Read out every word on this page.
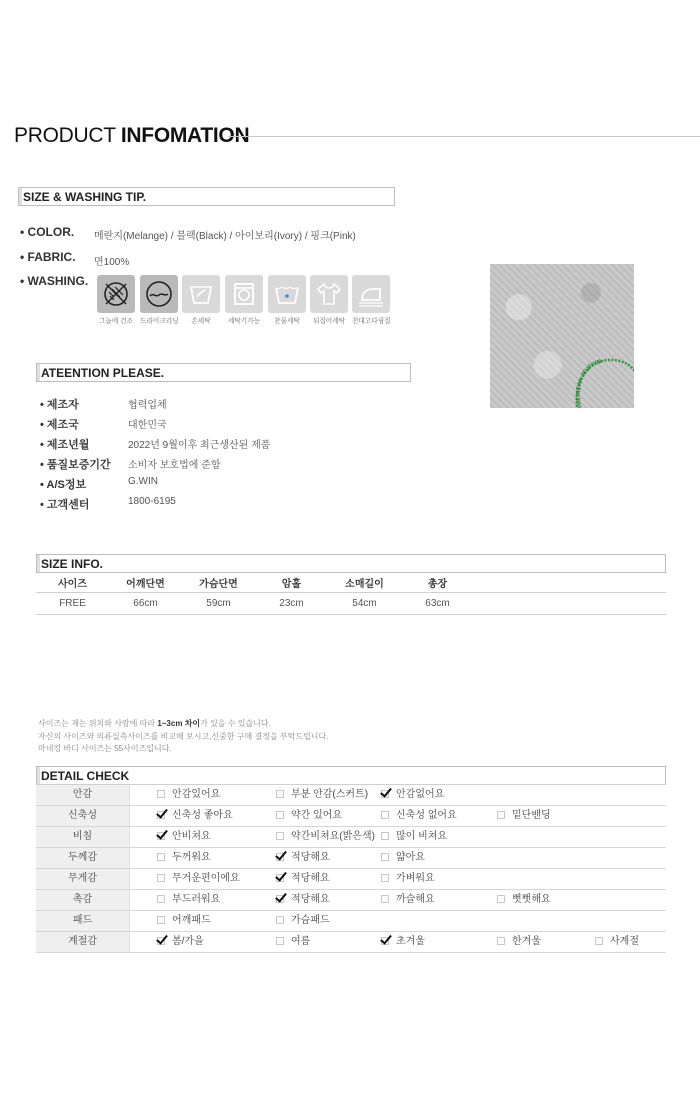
PRODUCT INFOMATION
SIZE & WASHING TIP.
• COLOR. 메란지(Melange) / 블랙(Black) / 아이보리(Ivory) / 핑크(Pink)
• FABRIC. 면100%
• WASHING.
그늘에 건조 드라이크리닝	손세탁	세탁기가능	찬물세탁	뒤집어세탁 천대고다림질
MERICAN·MUFFIN
ATEENTION PLEASE.
• 제조자	협력업체
• 제조국	대한민국
• 제조년월	2022년 9월이후 최근생산된 제품
• 품질보증기간 소비자 보호법에 준함
• A/S정보	G.WIN
• 고객센터	1800-6195
SIZE INFO.
사이즈	어깨단면	가슴단면	암홀	소매길이	총장
FREE	66cm	59cm	23cm	54cm	63cm
사이즈는 재는 위치와 사람에 따라 1~3cm 차이가 있을 수 있습니다.
자신의 사이즈와 의류실측사이즈를 비교해 보시고,신중한 구매 결정을 부탁드립니다.
마네킹 바디 사이즈는 55사이즈입니다.
DETAIL CHECK
안감	안감있어요	부분 안감(스커트)	안감없어요
신축성	신축성 좋아요	약간 있어요	신축성 없어요	밑단밴딩
비침	안비쳐요	약간비쳐요(밝은색)	많이 비쳐요
두께감	두꺼워요	적당해요	얇아요
무게감	무거운편이에요	적당해요	가벼워요
촉감	부드러워요	적당해요	까슬해요	뻣뻣해요
패드	어깨패드	가슴패드
계절감	봄/가을	여름	초겨울	한겨울	사계절
